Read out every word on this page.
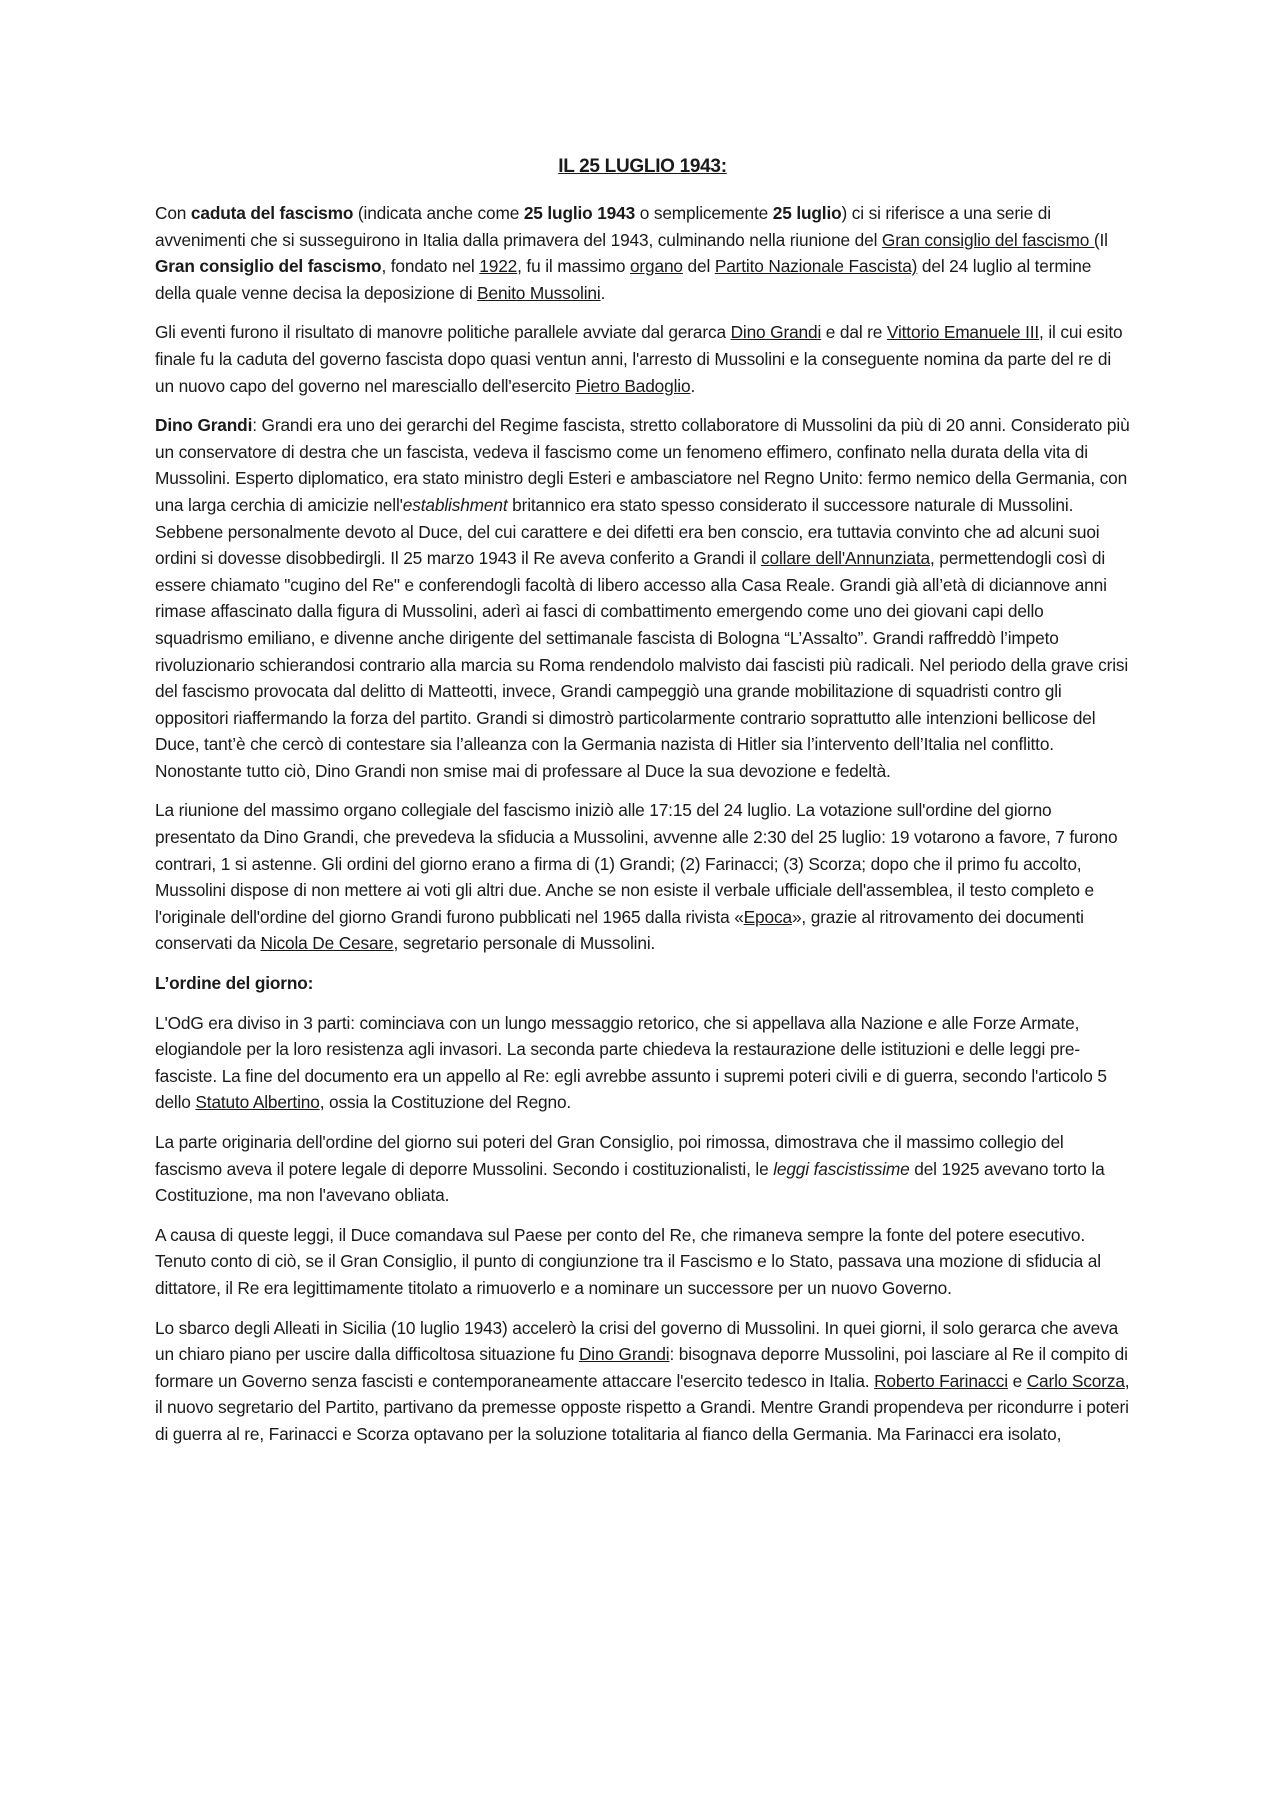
IL 25 LUGLIO 1943:

Con caduta del fascismo (indicata anche come 25 luglio 1943 o semplicemente 25 luglio) ci si riferisce a una serie di avvenimenti che si susseguirono in Italia dalla primavera del 1943, culminando nella riunione del Gran consiglio del fascismo (Il Gran consiglio del fascismo, fondato nel 1922, fu il massimo organo del Partito Nazionale Fascista) del 24 luglio al termine della quale venne decisa la deposizione di Benito Mussolini.

Gli eventi furono il risultato di manovre politiche parallele avviate dal gerarca Dino Grandi e dal re Vittorio Emanuele III, il cui esito finale fu la caduta del governo fascista dopo quasi ventun anni, l'arresto di Mussolini e la conseguente nomina da parte del re di un nuovo capo del governo nel maresciallo dell'esercito Pietro Badoglio.

Dino Grandi: Grandi era uno dei gerarchi del Regime fascista, stretto collaboratore di Mussolini da più di 20 anni. Considerato più un conservatore di destra che un fascista, vedeva il fascismo come un fenomeno effimero, confinato nella durata della vita di Mussolini. Esperto diplomatico, era stato ministro degli Esteri e ambasciatore nel Regno Unito: fermo nemico della Germania, con una larga cerchia di amicizie nell'establishment britannico era stato spesso considerato il successore naturale di Mussolini. Sebbene personalmente devoto al Duce, del cui carattere e dei difetti era ben conscio, era tuttavia convinto che ad alcuni suoi ordini si dovesse disobbedirgli. Il 25 marzo 1943 il Re aveva conferito a Grandi il collare dell'Annunziata, permettendogli così di essere chiamato "cugino del Re" e conferendogli facoltà di libero accesso alla Casa Reale. Grandi già all’età di diciannove anni rimase affascinato dalla figura di Mussolini, aderì ai fasci di combattimento emergendo come uno dei giovani capi dello squadrismo emiliano, e divenne anche dirigente del settimanale fascista di Bologna “L’Assalto”. Grandi raffreddò l’impeto rivoluzionario schierandosi contrario alla marcia su Roma rendendolo malvisto dai fascisti più radicali. Nel periodo della grave crisi del fascismo provocata dal delitto di Matteotti, invece, Grandi campeggiò una grande mobilitazione di squadristi contro gli oppositori riaffermando la forza del partito. Grandi si dimostrò particolarmente contrario soprattutto alle intenzioni bellicose del Duce, tant’è che cercò di contestare sia l’alleanza con la Germania nazista di Hitler sia l’intervento dell’Italia nel conflitto. Nonostante tutto ciò, Dino Grandi non smise mai di professare al Duce la sua devozione e fedeltà.

La riunione del massimo organo collegiale del fascismo iniziò alle 17:15 del 24 luglio. La votazione sull'ordine del giorno presentato da Dino Grandi, che prevedeva la sfiducia a Mussolini, avvenne alle 2:30 del 25 luglio: 19 votarono a favore, 7 furono contrari, 1 si astenne. Gli ordini del giorno erano a firma di (1) Grandi; (2) Farinacci; (3) Scorza; dopo che il primo fu accolto, Mussolini dispose di non mettere ai voti gli altri due. Anche se non esiste il verbale ufficiale dell'assemblea, il testo completo e l'originale dell'ordine del giorno Grandi furono pubblicati nel 1965 dalla rivista «Epoca», grazie al ritrovamento dei documenti conservati da Nicola De Cesare, segretario personale di Mussolini.

L’ordine del giorno:

L'OdG era diviso in 3 parti: cominciava con un lungo messaggio retorico, che si appellava alla Nazione e alle Forze Armate, elogiandole per la loro resistenza agli invasori. La seconda parte chiedeva la restaurazione delle istituzioni e delle leggi pre-fasciste. La fine del documento era un appello al Re: egli avrebbe assunto i supremi poteri civili e di guerra, secondo l'articolo 5 dello Statuto Albertino, ossia la Costituzione del Regno.

La parte originaria dell'ordine del giorno sui poteri del Gran Consiglio, poi rimossa, dimostrava che il massimo collegio del fascismo aveva il potere legale di deporre Mussolini. Secondo i costituzionalisti, le leggi fascistissime del 1925 avevano torto la Costituzione, ma non l'avevano obliata.

A causa di queste leggi, il Duce comandava sul Paese per conto del Re, che rimaneva sempre la fonte del potere esecutivo. Tenuto conto di ciò, se il Gran Consiglio, il punto di congiunzione tra il Fascismo e lo Stato, passava una mozione di sfiducia al dittatore, il Re era legittimamente titolato a rimuoverlo e a nominare un successore per un nuovo Governo.

Lo sbarco degli Alleati in Sicilia (10 luglio 1943) accelerò la crisi del governo di Mussolini. In quei giorni, il solo gerarca che aveva un chiaro piano per uscire dalla difficoltosa situazione fu Dino Grandi: bisognava deporre Mussolini, poi lasciare al Re il compito di formare un Governo senza fascisti e contemporaneamente attaccare l'esercito tedesco in Italia. Roberto Farinacci e Carlo Scorza, il nuovo segretario del Partito, partivano da premesse opposte rispetto a Grandi. Mentre Grandi propendeva per ricondurre i poteri di guerra al re, Farinacci e Scorza optavano per la soluzione totalitaria al fianco della Germania. Ma Farinacci era isolato,
